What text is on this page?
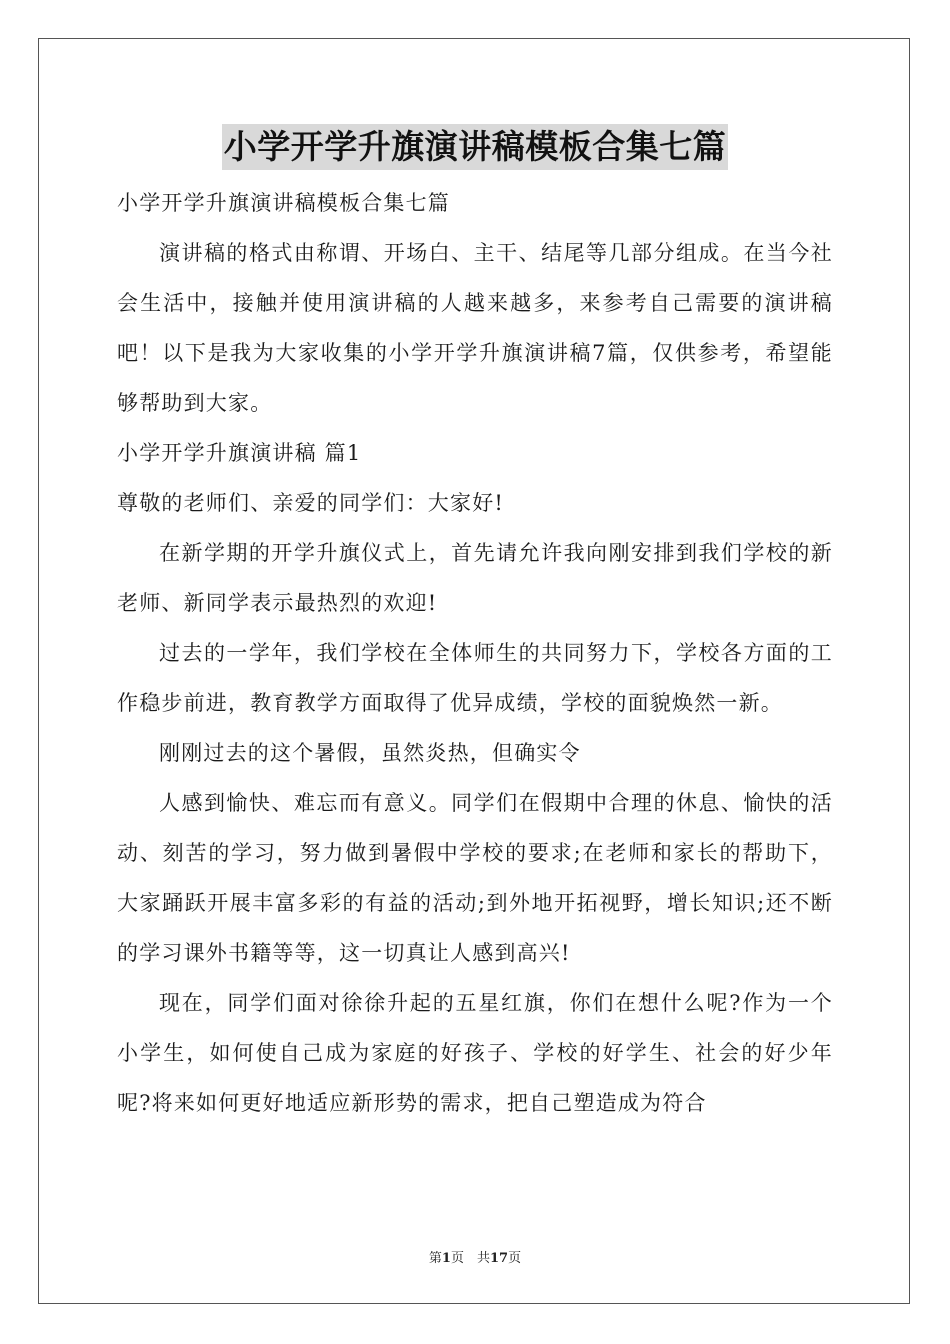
小学开学升旗演讲稿模板合集七篇

小学开学升旗演讲稿模板合集七篇

演讲稿的格式由称谓、开场白、主干、结尾等几部分组成。在当今社会生活中，接触并使用演讲稿的人越来越多，来参考自己需要的演讲稿吧！以下是我为大家收集的小学开学升旗演讲稿7篇，仅供参考，希望能够帮助到大家。

小学开学升旗演讲稿 篇1

尊敬的老师们、亲爱的同学们：大家好!

在新学期的开学升旗仪式上，首先请允许我向刚安排到我们学校的新老师、新同学表示最热烈的欢迎!

过去的一学年，我们学校在全体师生的共同努力下，学校各方面的工作稳步前进，教育教学方面取得了优异成绩，学校的面貌焕然一新。

刚刚过去的这个暑假，虽然炎热，但确实令

人感到愉快、难忘而有意义。同学们在假期中合理的休息、愉快的活动、刻苦的学习，努力做到暑假中学校的要求;在老师和家长的帮助下，大家踊跃开展丰富多彩的有益的活动;到外地开拓视野，增长知识;还不断的学习课外书籍等等，这一切真让人感到高兴!

现在，同学们面对徐徐升起的五星红旗，你们在想什么呢?作为一个小学生，如何使自己成为家庭的好孩子、学校的好学生、社会的好少年呢?将来如何更好地适应新形势的需求，把自己塑造成为符合

第1页　共17页
